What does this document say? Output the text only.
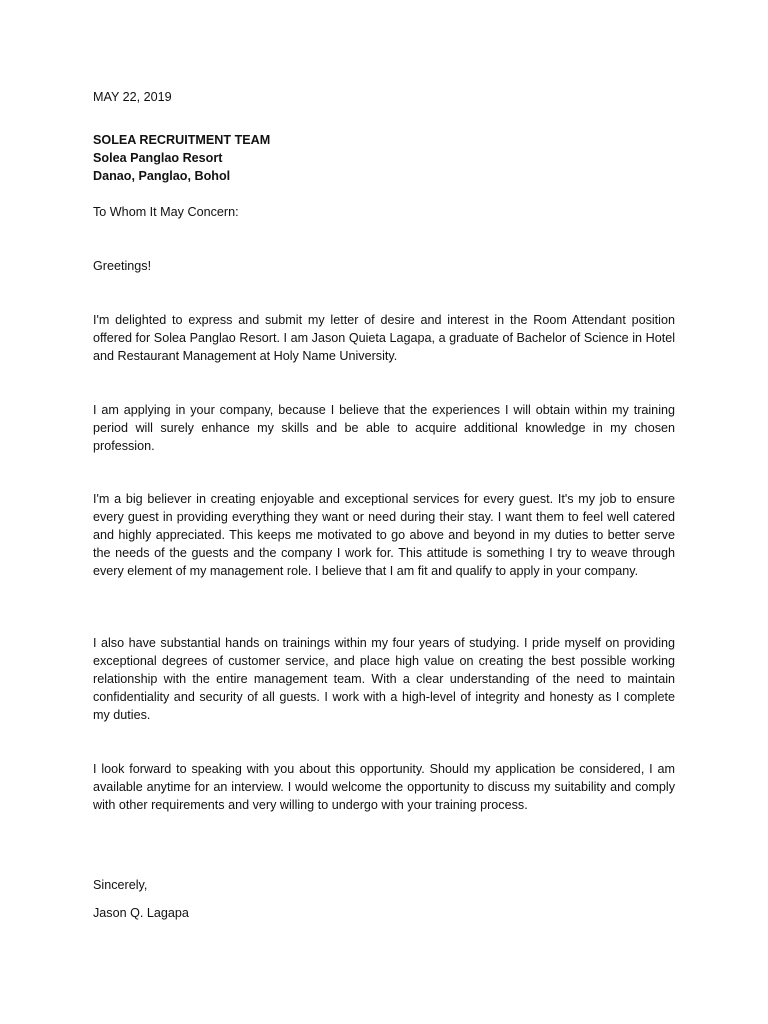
MAY 22, 2019
SOLEA RECRUITMENT TEAM
Solea Panglao Resort
Danao, Panglao, Bohol
To Whom It May Concern:
Greetings!
I'm delighted to express and submit my letter of desire and interest in the Room Attendant position offered for Solea Panglao Resort. I am Jason Quieta Lagapa, a graduate of Bachelor of Science in Hotel and Restaurant Management at Holy Name University.
I am applying in your company, because I believe that the experiences I will obtain within my training period will surely enhance my skills and be able to acquire additional knowledge in my chosen profession.
I'm a big believer in creating enjoyable and exceptional services for every guest. It's my job to ensure every guest in providing everything they want or need during their stay. I want them to feel well catered and highly appreciated. This keeps me motivated to go above and beyond in my duties to better serve the needs of the guests and the company I work for. This attitude is something I try to weave through every element of my management role. I believe that I am fit and qualify to apply in your company.
I also have substantial hands on trainings within my four years of studying. I pride myself on providing exceptional degrees of customer service, and place high value on creating the best possible working relationship with the entire management team. With a clear understanding of the need to maintain confidentiality and security of all guests. I work with a high-level of integrity and honesty as I complete my duties.
I look forward to speaking with you about this opportunity. Should my application be considered, I am available anytime for an interview. I would welcome the opportunity to discuss my suitability and comply with other requirements and very willing to undergo with your training process.
Sincerely,
Jason Q. Lagapa
